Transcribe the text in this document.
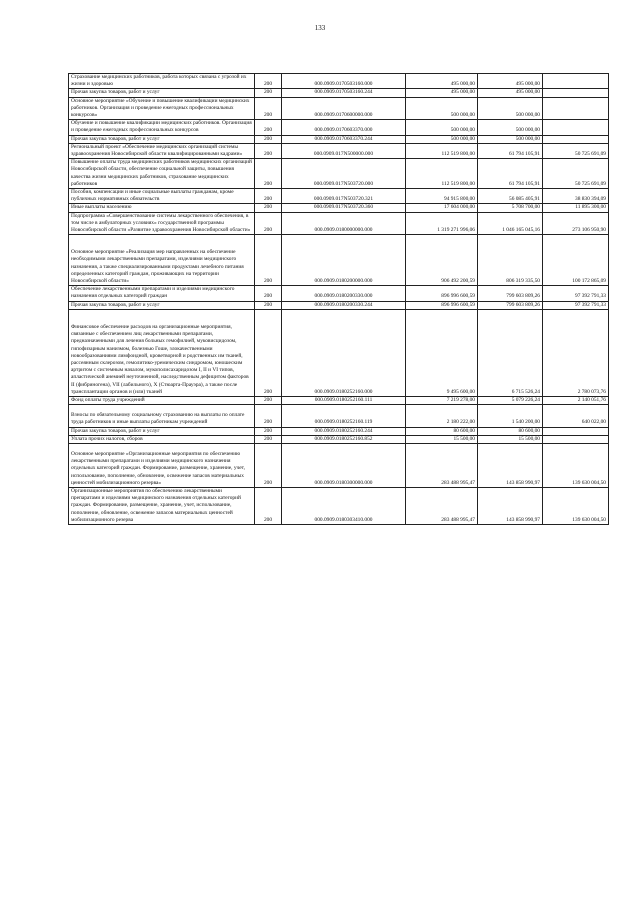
133
Страхование медицинских работников, работа которых связана с угрозой их жизни и здоровью	200	000.0909.0170503160.000	495 000,00	495 000,00	
Прочая закупка товаров, работ и услуг	200	000.0909.0170503160.244	495 000,00	495 000,00	
Основное мероприятие «Обучение и повышение квалификации медицинских работников. Организация и проведение ежегодных профессиональных конкурсов»	200	000.0909.0170600000.000	500 000,00	500 000,00	
Обучение и повышение квалификации медицинских работников. Организация и проведение ежегодных профессиональных конкурсов	200	000.0909.0170603370.000	500 000,00	500 000,00	
Прочая закупка товаров, работ и услуг	200	000.0909.0170603370.244	500 000,00	500 000,00	
Региональный проект «Обеспечение медицинских организаций системы здравоохранения Новосибирской области квалифицированными кадрами»	200	000.0909.017N500000.000	112 519 800,00	61 794 105,91	50 725 691,09
Повышение оплаты труда медицинских работников медицинских организаций Новосибирской области, обеспечение социальной защиты, повышения качества жизни медицинских работников, страхование медицинских работников	200	000.0909.017N503720.000	112 519 800,00	61 794 105,91	50 725 691,09
Пособия, компенсации и иные социальные выплаты гражданам, кроме публичных нормативных обязательств	200	000.0909.017N503720.321	94 915 800,00	56 085 405,91	38 830 394,09
Иные выплаты населению	200	000.0909.017N503720.360	17 604 000,00	5 708 700,00	11 895 300,00
Подпрограмма «Совершенствование системы лекарственного обеспечения, в том числе в амбулаторных условиях» государственной программы Новосибирской области «Развитие здравоохранения Новосибирской области»	200	000.0909.0180000000.000	1 319 271 996,06	1 046 165 045,16	273 106 950,90
Основное мероприятие «Реализация мер направленных на обеспечение необходимыми лекарственными препаратами, изделиями медицинского назначения, а также специализированными продуктами лечебного питания определенных категорий граждан, проживающих на территории Новосибирской области»	200	000.0909.0180200000.000	906 492 200,59	806 319 335,50	100 172 865,09
Обеспечение лекарственными препаратами и изделиями медицинского назначения отдельных категорий граждан	200	000.0909.0180200330.000	896 996 600,59	799 603 809,26	97 392 791,33
Прочая закупка товаров, работ и услуг	200	000.0909.0180200330.244	896 996 600,59	799 603 809,26	97 392 791,33
Финансовое обеспечение расходов на организационные мероприятия, связанные с обеспечением лиц лекарственными препаратами, предназначенными для лечения больных гемофилией, муковисцидозом, гипофизарным нанизмом, болезнью Гоше, злокачественными новообразованиями лимфоидной, кроветворной и родственных им тканей, рассеянным склерозом, гемолитико-уремическим синдромом, юношеским артритом с системным началом, мукополисахаридозом I, II и VI типов, апластической анемией неуточненной, наследственным дефицитом факторов II (фибриногена), VII (лабильного), X (Стюарта-Прауэра), а также после трансплантации органов и (или) тканей	200	000.0909.0180252160.000	9 495 600,00	6 715 526,24	2 780 073,76
Фонд оплаты труда учреждений	200	000.0909.0180252160.111	7 219 278,00	5 079 226,24	2 140 051,76
Взносы по обязательному социальному страхованию на выплаты по оплате труда работников и иные выплаты работникам учреждений	200	000.0909.0180252160.119	2 180 222,00	1 540 200,00	640 022,00
Прочая закупка товаров, работ и услуг	200	000.0909.0180252160.244	80 600,00	80 600,00	
Уплата прочих налогов, сборов	200	000.0909.0180252160.852	15 500,00	15 500,00	
Основное мероприятие «Организационные мероприятия по обеспечению лекарственными препаратами и изделиями медицинского назначения отдельных категорий граждан. Формирование, размещение, хранение, учет, использование, пополнение, обновление, освежение запасов материальных ценностей мобилизационного резерва»	200	000.0909.0180300000.000	283 488 995,47	143 858 990,97	139 630 004,50
Организационные мероприятия по обеспечению лекарственными препаратами и изделиями медицинского назначения отдельных категорий граждан. Формирование, размещение, хранение, учет, использование, пополнение, обновление, освежение запасов материальных ценностей мобилизационного резерва	200	000.0909.0180303410.000	283 488 995,47	143 858 990,97	139 630 004,50
